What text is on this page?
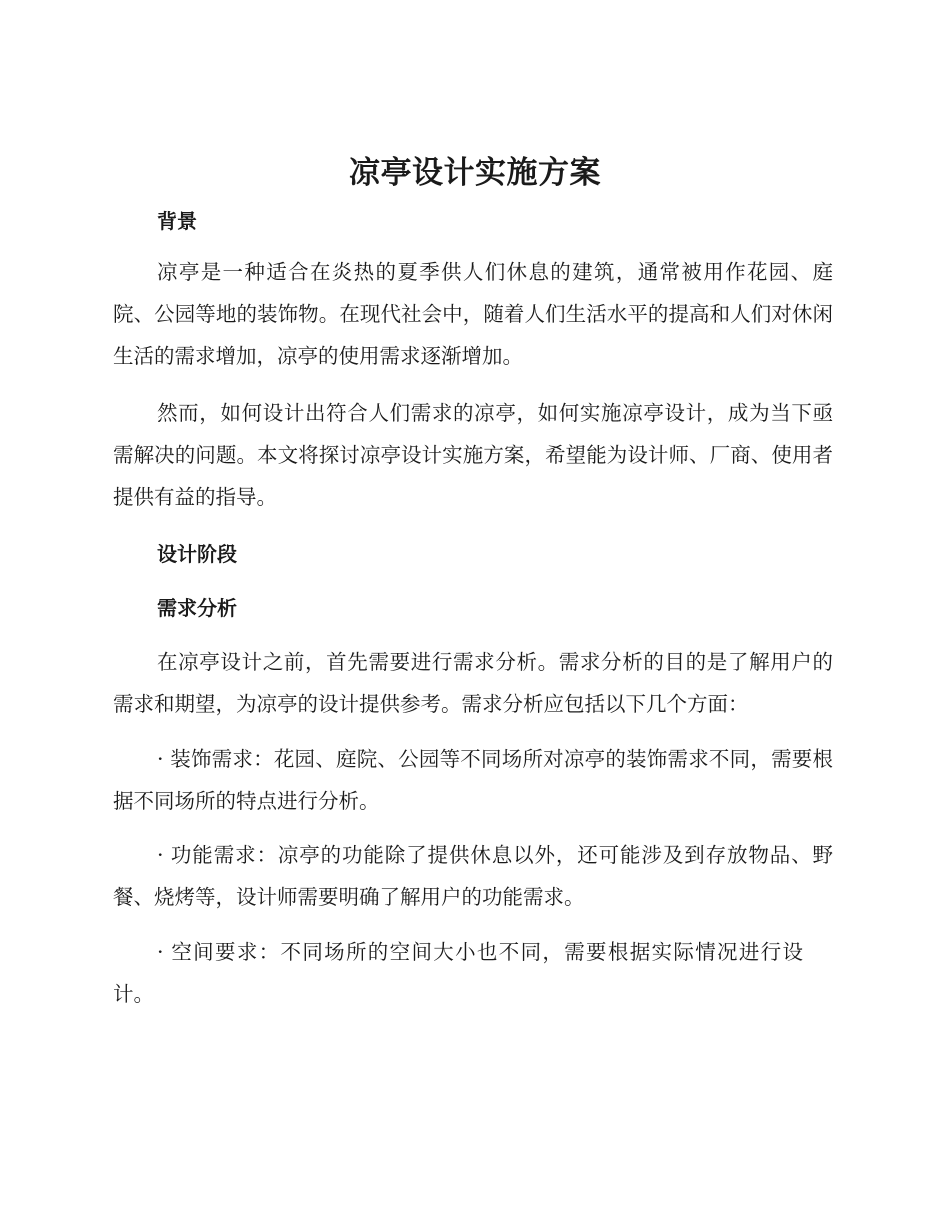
凉亭设计实施方案
背景

凉亭是一种适合在炎热的夏季供人们休息的建筑，通常被用作花园、庭院、公园等地的装饰物。在现代社会中，随着人们生活水平的提高和人们对休闲生活的需求增加，凉亭的使用需求逐渐增加。

然而，如何设计出符合人们需求的凉亭，如何实施凉亭设计，成为当下亟需解决的问题。本文将探讨凉亭设计实施方案，希望能为设计师、厂商、使用者提供有益的指导。

设计阶段
需求分析

在凉亭设计之前，首先需要进行需求分析。需求分析的目的是了解用户的需求和期望，为凉亭的设计提供参考。需求分析应包括以下几个方面：

· 装饰需求：花园、庭院、公园等不同场所对凉亭的装饰需求不同，需要根据不同场所的特点进行分析。

· 功能需求：凉亭的功能除了提供休息以外，还可能涉及到存放物品、野餐、烧烤等，设计师需要明确了解用户的功能需求。

· 空间要求：不同场所的空间大小也不同，需要根据实际情况进行设计。
